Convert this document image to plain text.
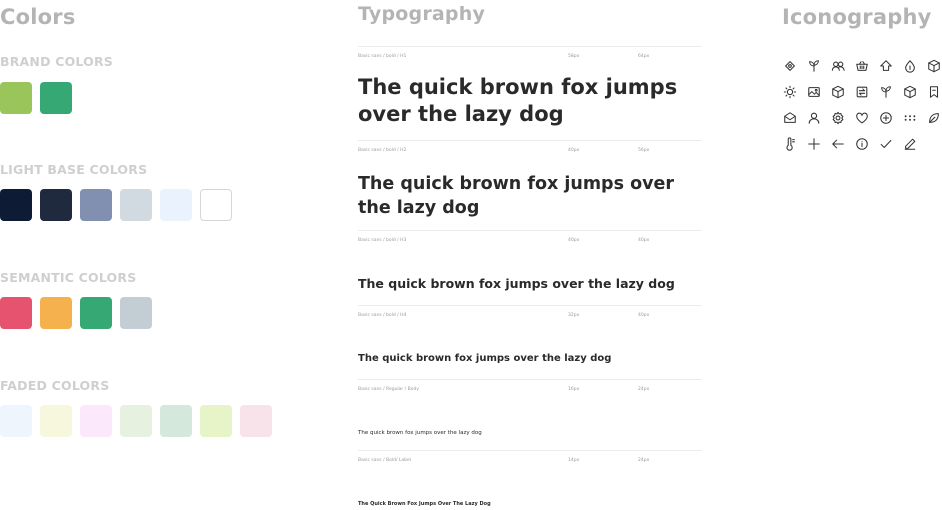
Colors
BRAND COLORS
LIGHT BASE COLORS
SEMANTIC COLORS
FADED COLORS
Typography
Basic sans / bold / H1	58px	64px
The quick brown fox jumps over the lazy dog
Basic sans / bold / H2	40px	56px
The quick brown fox jumps over the lazy dog
Basic sans / bold / H3	40px	40px
The quick brown fox jumps over the lazy dog
Basic sans / bold / H4	32px	40px
The quick brown fox jumps over the lazy dog
Basic sans / Regular / Body	16px	24px
The quick brown fox jumps over the lazy dog
Basic sans / Bold/ Label	14px	24px
The Quick Brown Fox Jumps Over The Lazy Dog
Iconography
